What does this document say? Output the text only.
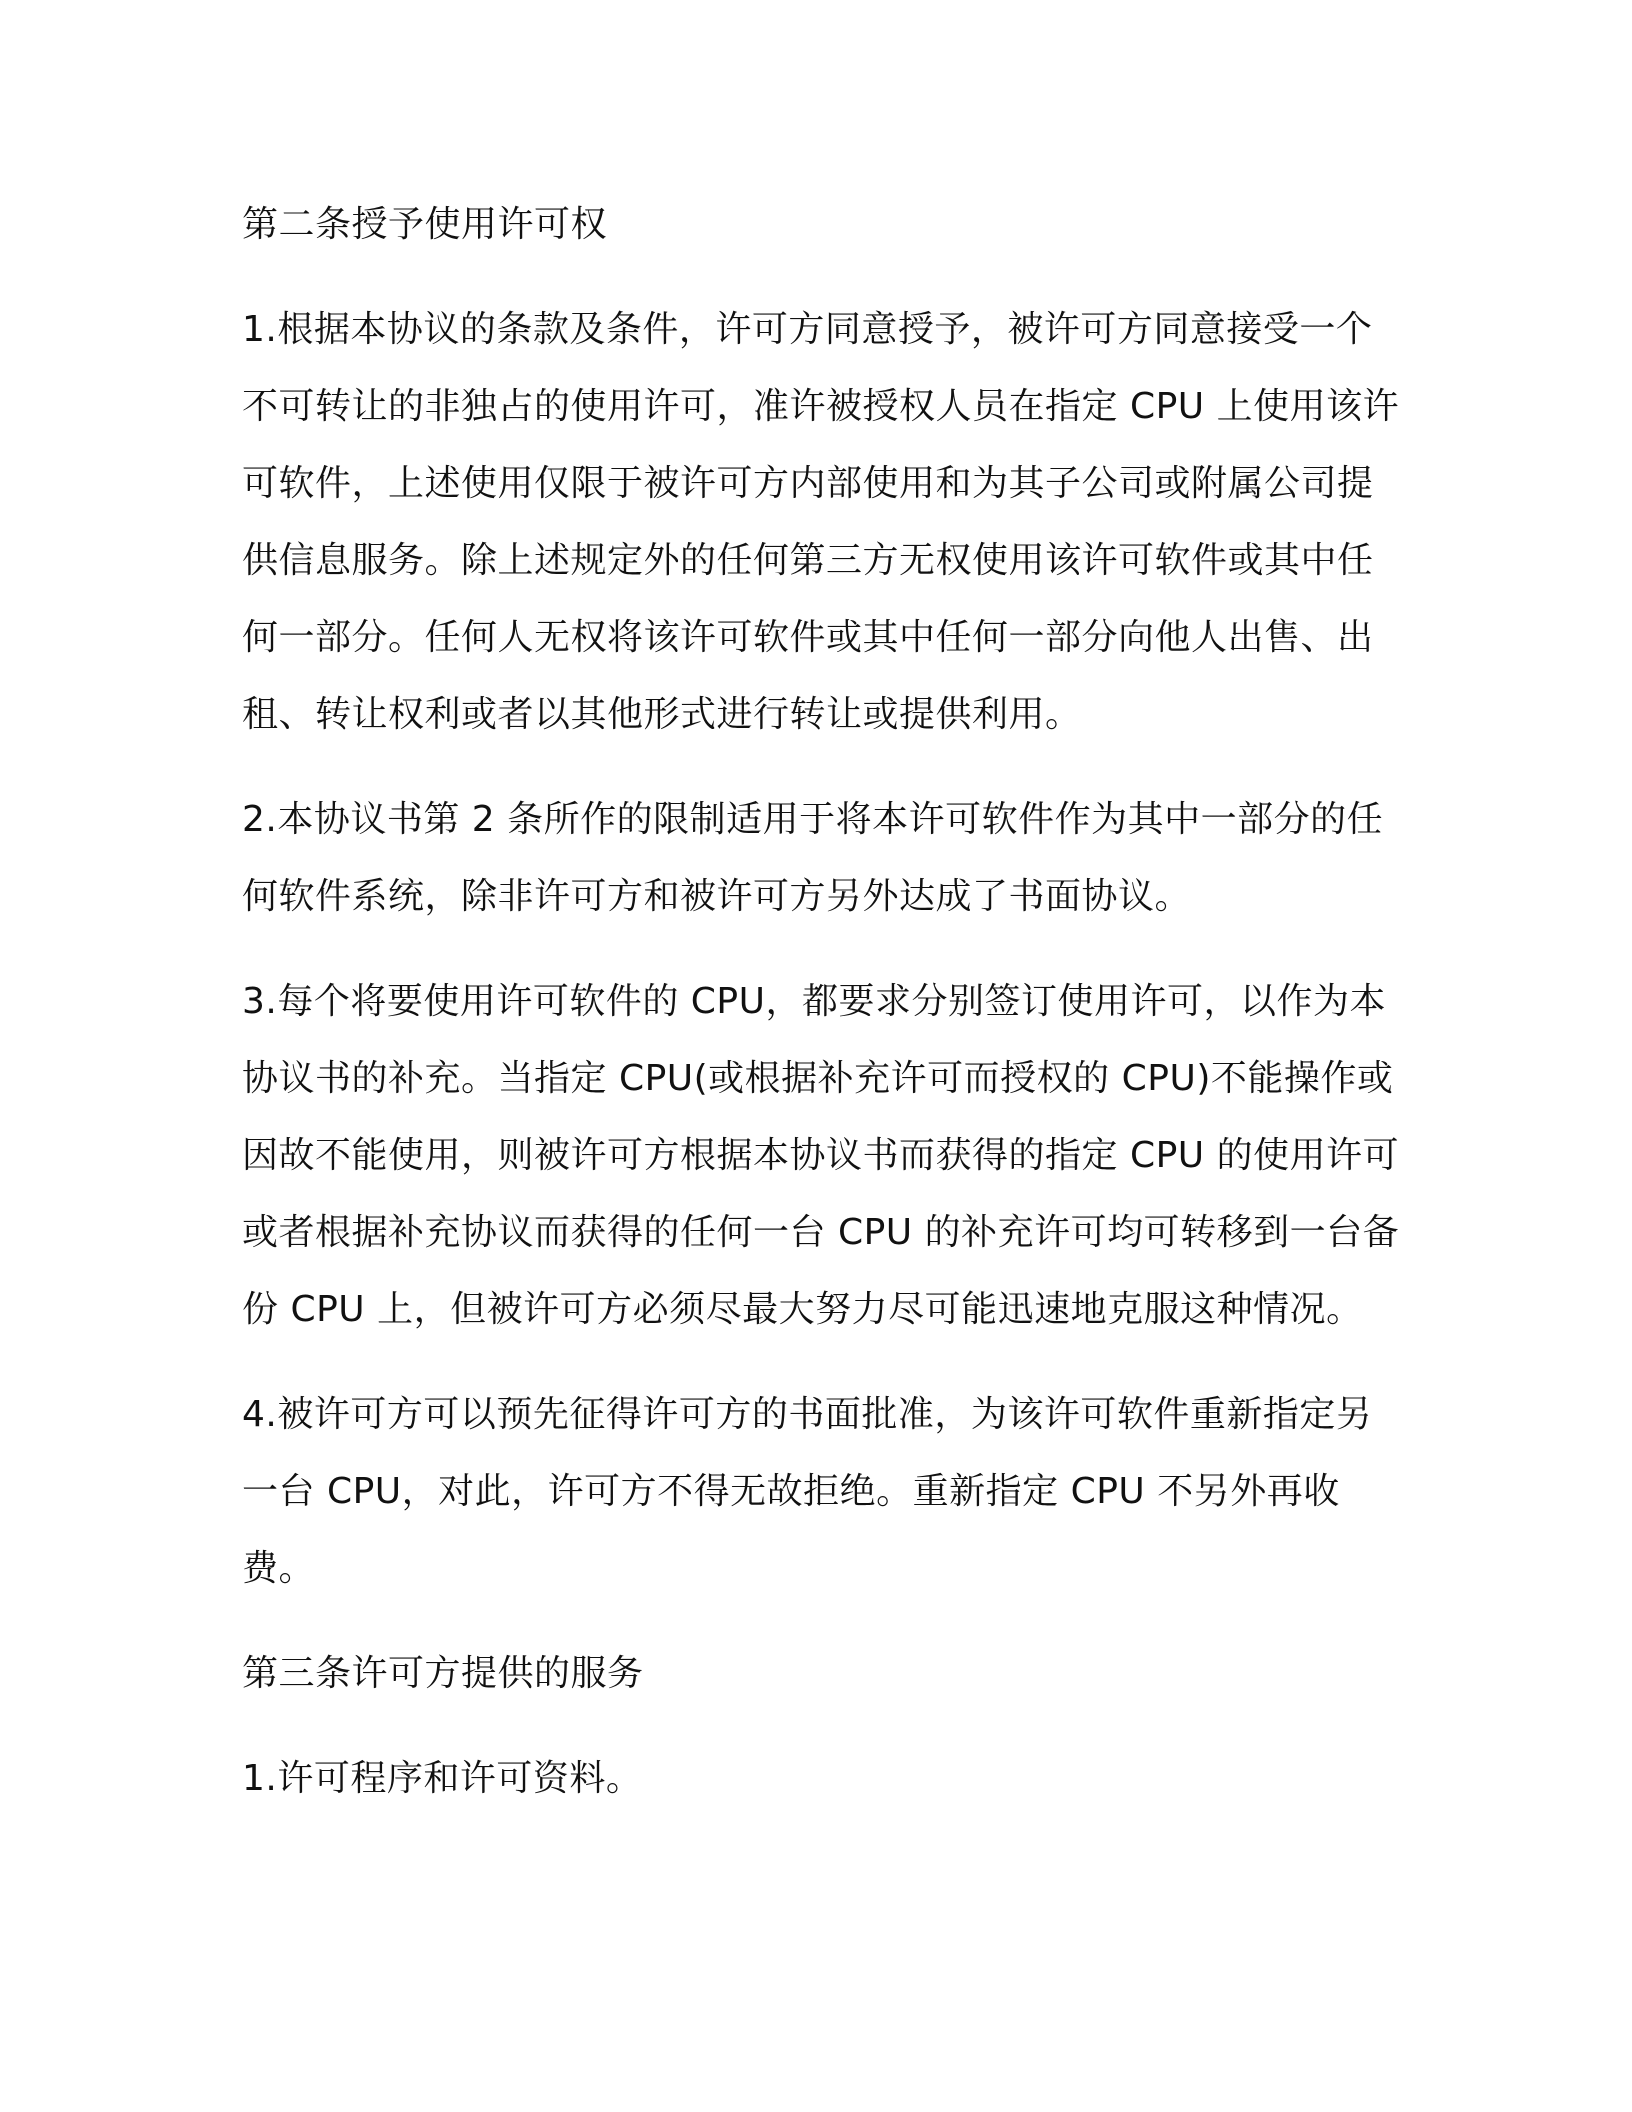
第二条授予使用许可权

1.根据本协议的条款及条件，许可方同意授予，被许可方同意接受一个不可转让的非独占的使用许可，准许被授权人员在指定 CPU 上使用该许可软件，上述使用仅限于被许可方内部使用和为其子公司或附属公司提供信息服务。除上述规定外的任何第三方无权使用该许可软件或其中任何一部分。任何人无权将该许可软件或其中任何一部分向他人出售、出租、转让权利或者以其他形式进行转让或提供利用。

2.本协议书第 2 条所作的限制适用于将本许可软件作为其中一部分的任何软件系统，除非许可方和被许可方另外达成了书面协议。

3.每个将要使用许可软件的 CPU，都要求分别签订使用许可，以作为本协议书的补充。当指定 CPU(或根据补充许可而授权的 CPU)不能操作或因故不能使用，则被许可方根据本协议书而获得的指定 CPU 的使用许可或者根据补充协议而获得的任何一台 CPU 的补充许可均可转移到一台备份 CPU 上，但被许可方必须尽最大努力尽可能迅速地克服这种情况。

4.被许可方可以预先征得许可方的书面批准，为该许可软件重新指定另一台 CPU，对此，许可方不得无故拒绝。重新指定 CPU 不另外再收费。

第三条许可方提供的服务

1.许可程序和许可资料。
